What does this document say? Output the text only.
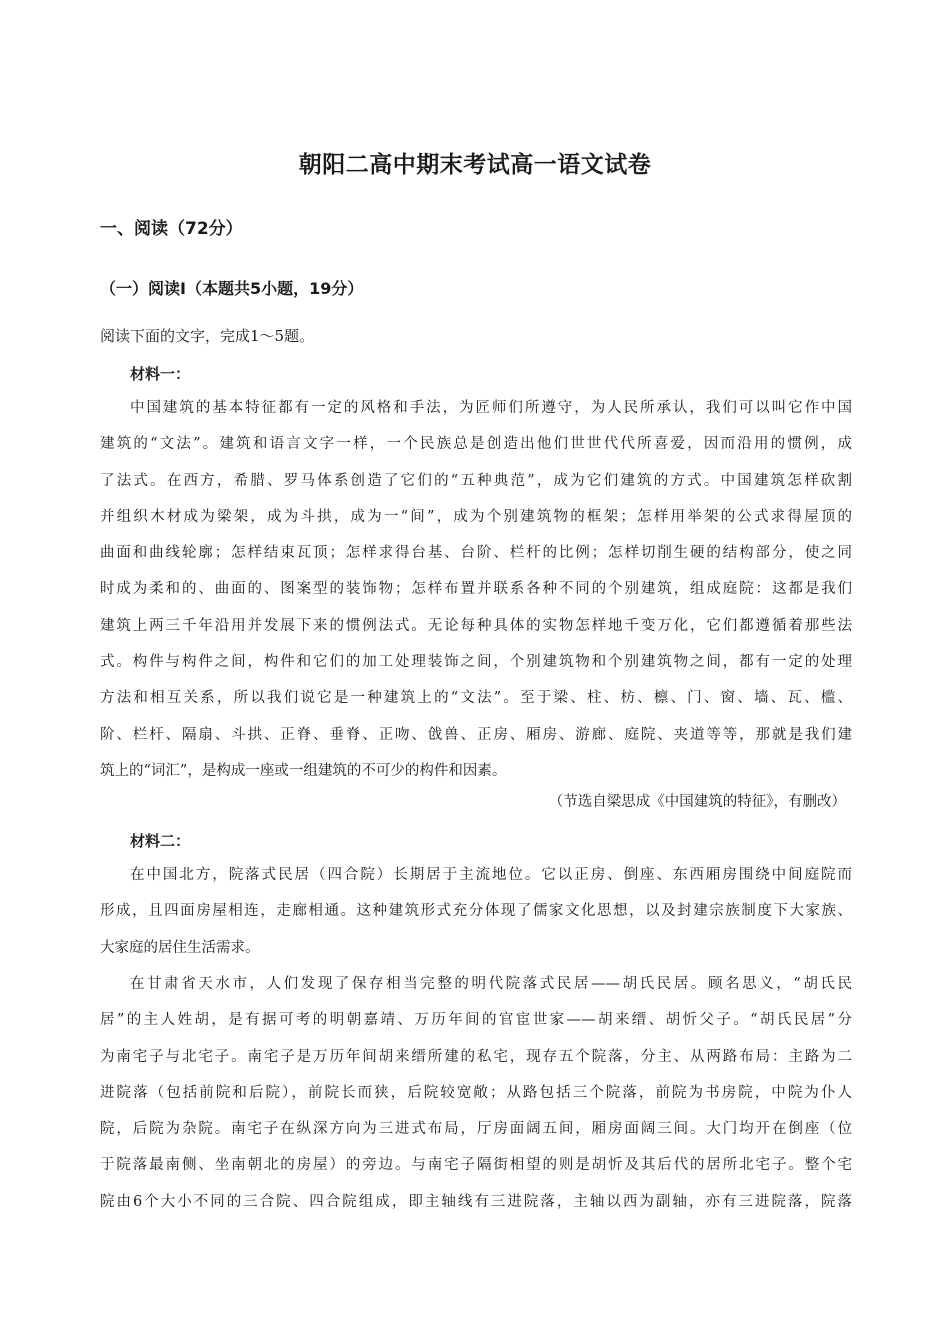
朝阳二高中期末考试高一语文试卷
一、阅读（72分）
（一）阅读Ⅰ（本题共5小题，19分）
阅读下面的文字，完成1～5题。
材料一：
中国建筑的基本特征都有一定的风格和手法，为匠师们所遵守，为人民所承认，我们可以叫它作中国
建筑的“文法”。建筑和语言文字一样，一个民族总是创造出他们世世代代所喜爱，因而沿用的惯例，成
了法式。在西方，希腊、罗马体系创造了它们的“五种典范”，成为它们建筑的方式。中国建筑怎样砍割
并组织木材成为梁架，成为斗拱，成为一“间”，成为个别建筑物的框架；怎样用举架的公式求得屋顶的
曲面和曲线轮廓；怎样结束瓦顶；怎样求得台基、台阶、栏杆的比例；怎样切削生硬的结构部分，使之同
时成为柔和的、曲面的、图案型的装饰物；怎样布置并联系各种不同的个别建筑，组成庭院：这都是我们
建筑上两三千年沿用并发展下来的惯例法式。无论每种具体的实物怎样地千变万化，它们都遵循着那些法
式。构件与构件之间，构件和它们的加工处理装饰之间，个别建筑物和个别建筑物之间，都有一定的处理
方法和相互关系，所以我们说它是一种建筑上的“文法”。至于梁、柱、枋、檩、门、窗、墙、瓦、槛、
阶、栏杆、隔扇、斗拱、正脊、垂脊、正吻、戗兽、正房、厢房、游廊、庭院、夹道等等，那就是我们建
筑上的“词汇”，是构成一座或一组建筑的不可少的构件和因素。
（节选自梁思成《中国建筑的特征》，有删改）
材料二：
在中国北方，院落式民居（四合院）长期居于主流地位。它以正房、倒座、东西厢房围绕中间庭院而
形成，且四面房屋相连，走廊相通。这种建筑形式充分体现了儒家文化思想，以及封建宗族制度下大家族、
大家庭的居住生活需求。
在甘肃省天水市，人们发现了保存相当完整的明代院落式民居——胡氏民居。顾名思义，“胡氏民
居”的主人姓胡，是有据可考的明朝嘉靖、万历年间的官宦世家——胡来缙、胡忻父子。“胡氏民居”分
为南宅子与北宅子。南宅子是万历年间胡来缙所建的私宅，现存五个院落，分主、从两路布局：主路为二
进院落（包括前院和后院），前院长而狭，后院较宽敞；从路包括三个院落，前院为书房院，中院为仆人
院，后院为杂院。南宅子在纵深方向为三进式布局，厅房面阔五间，厢房面阔三间。大门均开在倒座（位
于院落最南侧、坐南朝北的房屋）的旁边。与南宅子隔街相望的则是胡忻及其后代的居所北宅子。整个宅
院由6个大小不同的三合院、四合院组成，即主轴线有三进院落，主轴以西为副轴，亦有三进院落，院落
